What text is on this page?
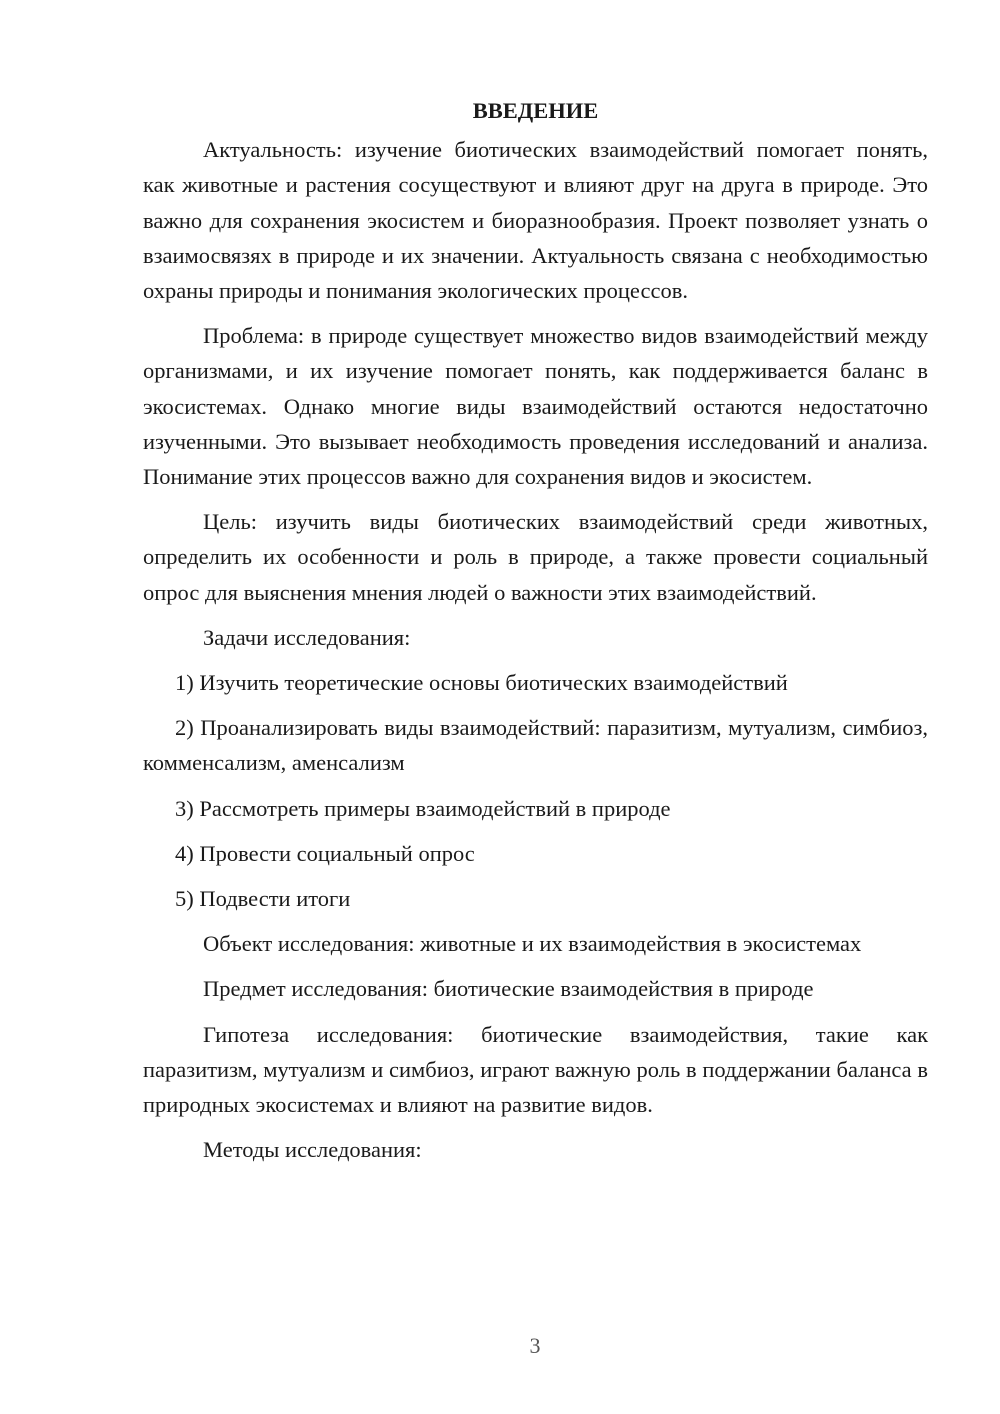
ВВЕДЕНИЕ

Актуальность: изучение биотических взаимодействий помогает понять, как животные и растения сосуществуют и влияют друг на друга в природе. Это важно для сохранения экосистем и биоразнообразия. Проект позволяет узнать о взаимосвязях в природе и их значении. Актуальность связана с необходимостью охраны природы и понимания экологических процессов.

Проблема: в природе существует множество видов взаимодействий между организмами, и их изучение помогает понять, как поддерживается баланс в экосистемах. Однако многие виды взаимодействий остаются недостаточно изученными. Это вызывает необходимость проведения исследований и анализа. Понимание этих процессов важно для сохранения видов и экосистем.

Цель: изучить виды биотических взаимодействий среди животных, определить их особенности и роль в природе, а также провести социальный опрос для выяснения мнения людей о важности этих взаимодействий.

Задачи исследования:

1) Изучить теоретические основы биотических взаимодействий

2) Проанализировать виды взаимодействий: паразитизм, мутуализм, симбиоз, комменсализм, аменсализм

3) Рассмотреть примеры взаимодействий в природе

4) Провести социальный опрос

5) Подвести итоги

Объект исследования: животные и их взаимодействия в экосистемах

Предмет исследования: биотические взаимодействия в природе

Гипотеза исследования: биотические взаимодействия, такие как паразитизм, мутуализм и симбиоз, играют важную роль в поддержании баланса в природных экосистемах и влияют на развитие видов.

Методы исследования:

3
